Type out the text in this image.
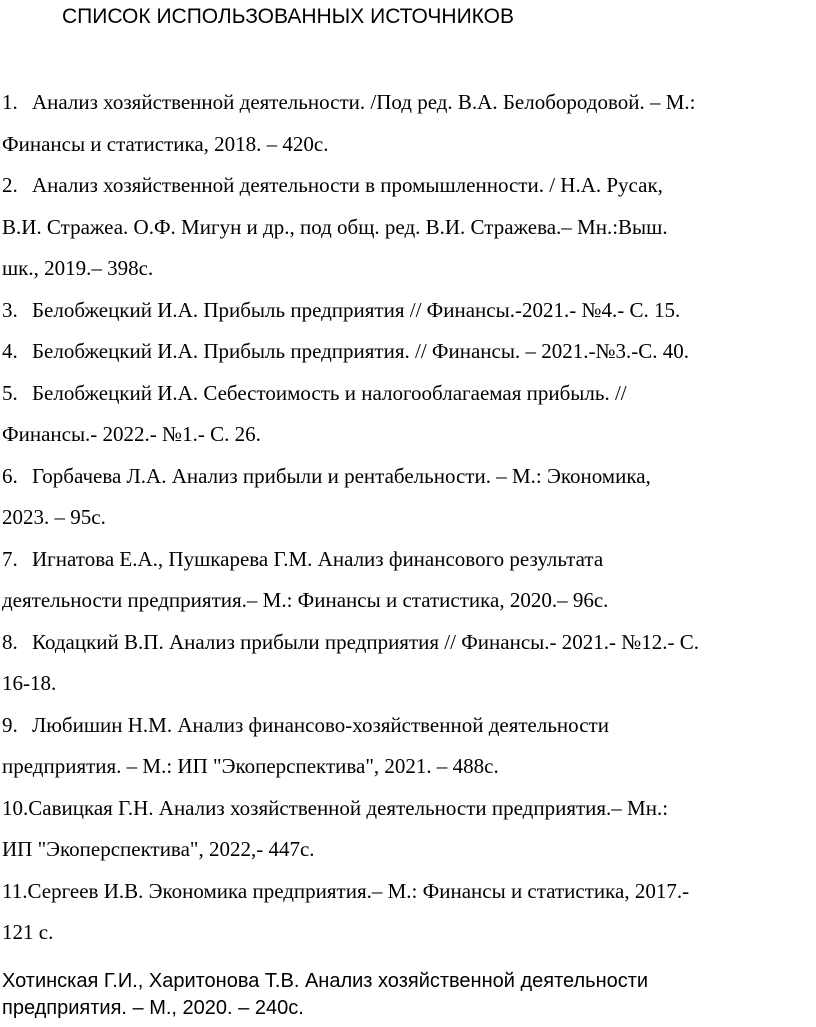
СПИСОК ИСПОЛЬЗОВАННЫХ ИСТОЧНИКОВ
1. Анализ хозяйственной деятельности. /Под ред. В.А. Белобородовой. – М.:
Финансы и статистика, 2018. – 420с.
2. Анализ хозяйственной деятельности в промышленности. / Н.А. Русак,
В.И. Стражеа. О.Ф. Мигун и др., под общ. ред. В.И. Стражева.– Мн.:Выш.
шк., 2019.– 398с.
3. Белобжецкий И.А. Прибыль предприятия // Финансы.-2021.- №4.- С. 15.
4. Белобжецкий И.А. Прибыль предприятия. // Финансы. – 2021.-№3.-С. 40.
5. Белобжецкий И.А. Себестоимость и налогооблагаемая прибыль. //
Финансы.- 2022.- №1.- С. 26.
6. Горбачева Л.А. Анализ прибыли и рентабельности. – М.: Экономика,
2023. – 95с.
7. Игнатова Е.А., Пушкарева Г.М. Анализ финансового результата
деятельности предприятия.– М.: Финансы и статистика, 2020.– 96с.
8. Кодацкий В.П. Анализ прибыли предприятия // Финансы.- 2021.- №12.- С.
16-18.
9. Любишин Н.М. Анализ финансово-хозяйственной деятельности
предприятия. – М.: ИП "Экоперспектива", 2021. – 488с.
10.Савицкая Г.Н. Анализ хозяйственной деятельности предприятия.– Мн.:
ИП "Экоперспектива", 2022,- 447с.
11.Сергеев И.В. Экономика предприятия.– М.: Финансы и статистика, 2017.-
121 с.
Хотинская Г.И., Харитонова Т.В. Анализ хозяйственной деятельности
предприятия. – М., 2020. – 240с.
